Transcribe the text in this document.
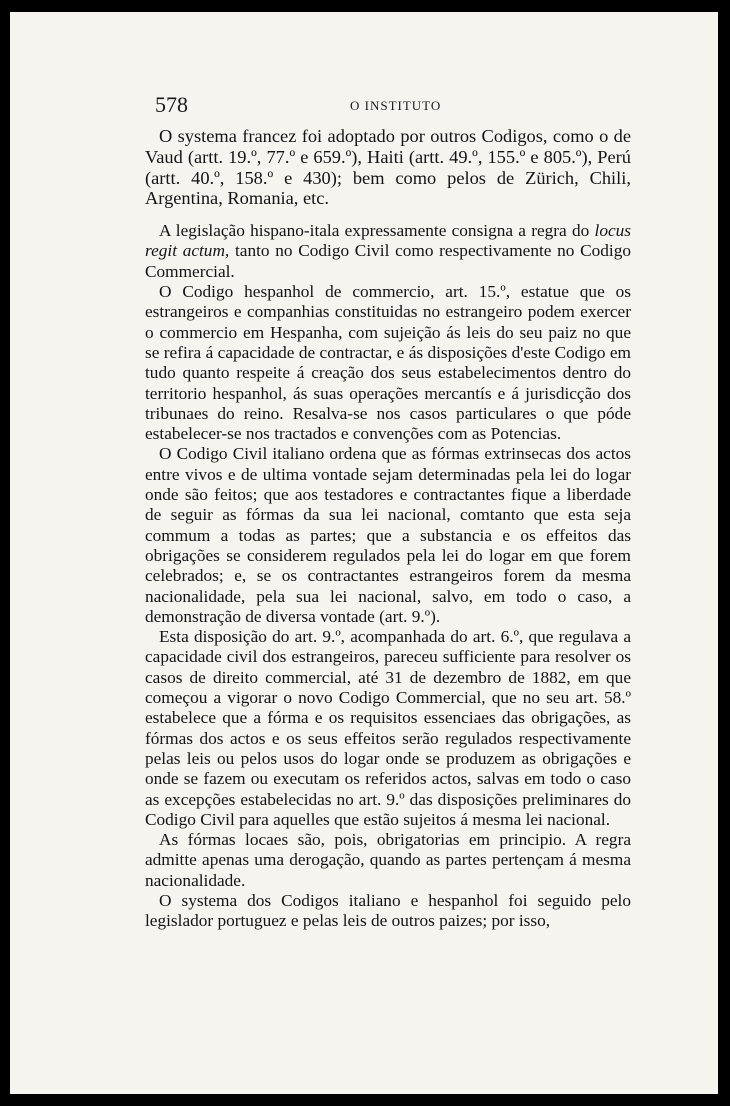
578	O INSTITUTO

O systema francez foi adoptado por outros Codigos, como o de Vaud (artt. 19.º, 77.º e 659.º), Haiti (artt. 49.º, 155.º e 805.º), Perú (artt. 40.º, 158.º e 430); bem como pelos de Zürich, Chili, Argentina, Romania, etc.

A legislação hispano-itala expressamente consigna a regra do locus regit actum, tanto no Codigo Civil como respectivamente no Codigo Commercial.

O Codigo hespanhol de commercio, art. 15.º, estatue que os estrangeiros e companhias constituidas no estrangeiro podem exercer o commercio em Hespanha, com sujeição ás leis do seu paiz no que se refira á capacidade de contractar, e ás disposições d'este Codigo em tudo quanto respeite á creação dos seus estabelecimentos dentro do territorio hespanhol, ás suas operações mercantís e á jurisdicção dos tribunaes do reino. Resalva-se nos casos particulares o que póde estabelecer-se nos tractados e convenções com as Potencias.

O Codigo Civil italiano ordena que as fórmas extrinsecas dos actos entre vivos e de ultima vontade sejam determinadas pela lei do logar onde são feitos; que aos testadores e contractantes fique a liberdade de seguir as fórmas da sua lei nacional, comtanto que esta seja commum a todas as partes; que a substancia e os effeitos das obrigações se considerem regulados pela lei do logar em que forem celebrados; e, se os contractantes estrangeiros forem da mesma nacionalidade, pela sua lei nacional, salvo, em todo o caso, a demonstração de diversa vontade (art. 9.º).

Esta disposição do art. 9.º, acompanhada do art. 6.º, que regulava a capacidade civil dos estrangeiros, pareceu sufficiente para resolver os casos de direito commercial, até 31 de dezembro de 1882, em que começou a vigorar o novo Codigo Commercial, que no seu art. 58.º estabelece que a fórma e os requisitos essenciaes das obrigações, as fórmas dos actos e os seus effeitos serão regulados respectivamente pelas leis ou pelos usos do logar onde se produzem as obrigações e onde se fazem ou executam os referidos actos, salvas em todo o caso as excepções estabelecidas no art. 9.º das disposições preliminares do Codigo Civil para aquelles que estão sujeitos á mesma lei nacional.

As fórmas locaes são, pois, obrigatorias em principio. A regra admitte apenas uma derogação, quando as partes pertençam á mesma nacionalidade.

O systema dos Codigos italiano e hespanhol foi seguido pelo legislador portuguez e pelas leis de outros paizes; por isso,
